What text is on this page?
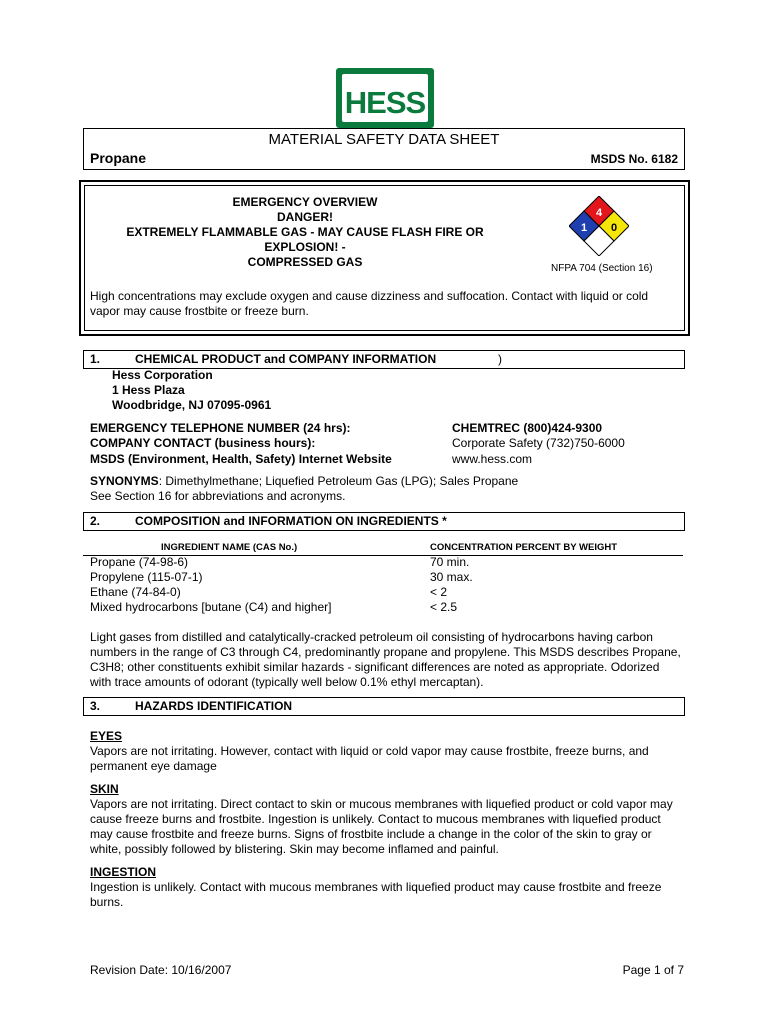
HESS
MATERIAL SAFETY DATA SHEET
Propane	MSDS No. 6182
EMERGENCY OVERVIEW
DANGER!
EXTREMELY FLAMMABLE GAS - MAY CAUSE FLASH FIRE OR
EXPLOSION! -
COMPRESSED GAS
4
1 0
NFPA 704 (Section 16)
High concentrations may exclude oxygen and cause dizziness and suffocation. Contact with liquid or cold vapor may cause frostbite or freeze burn.
1.	CHEMICAL PRODUCT and COMPANY INFORMATION	)
Hess Corporation
1 Hess Plaza
Woodbridge, NJ 07095-0961
EMERGENCY TELEPHONE NUMBER (24 hrs):	CHEMTREC (800)424-9300
COMPANY CONTACT (business hours):	Corporate Safety (732)750-6000
MSDS (Environment, Health, Safety) Internet Website	www.hess.com
SYNONYMS: Dimethylmethane; Liquefied Petroleum Gas (LPG); Sales Propane
See Section 16 for abbreviations and acronyms.
2.	COMPOSITION and INFORMATION ON INGREDIENTS *
INGREDIENT NAME (CAS No.)	CONCENTRATION PERCENT BY WEIGHT
Propane (74-98-6)	70 min.
Propylene (115-07-1)	30 max.
Ethane (74-84-0)	< 2
Mixed hydrocarbons [butane (C4) and higher]	< 2.5
Light gases from distilled and catalytically-cracked petroleum oil consisting of hydrocarbons having carbon numbers in the range of C3 through C4, predominantly propane and propylene. This MSDS describes Propane, C3H8; other constituents exhibit similar hazards - significant differences are noted as appropriate. Odorized with trace amounts of odorant (typically well below 0.1% ethyl mercaptan).
3.	HAZARDS IDENTIFICATION
EYES
Vapors are not irritating. However, contact with liquid or cold vapor may cause frostbite, freeze burns, and permanent eye damage
SKIN
Vapors are not irritating. Direct contact to skin or mucous membranes with liquefied product or cold vapor may cause freeze burns and frostbite. Ingestion is unlikely. Contact to mucous membranes with liquefied product may cause frostbite and freeze burns. Signs of frostbite include a change in the color of the skin to gray or white, possibly followed by blistering. Skin may become inflamed and painful.
INGESTION
Ingestion is unlikely. Contact with mucous membranes with liquefied product may cause frostbite and freeze burns.
Revision Date: 10/16/2007	Page 1 of 7
